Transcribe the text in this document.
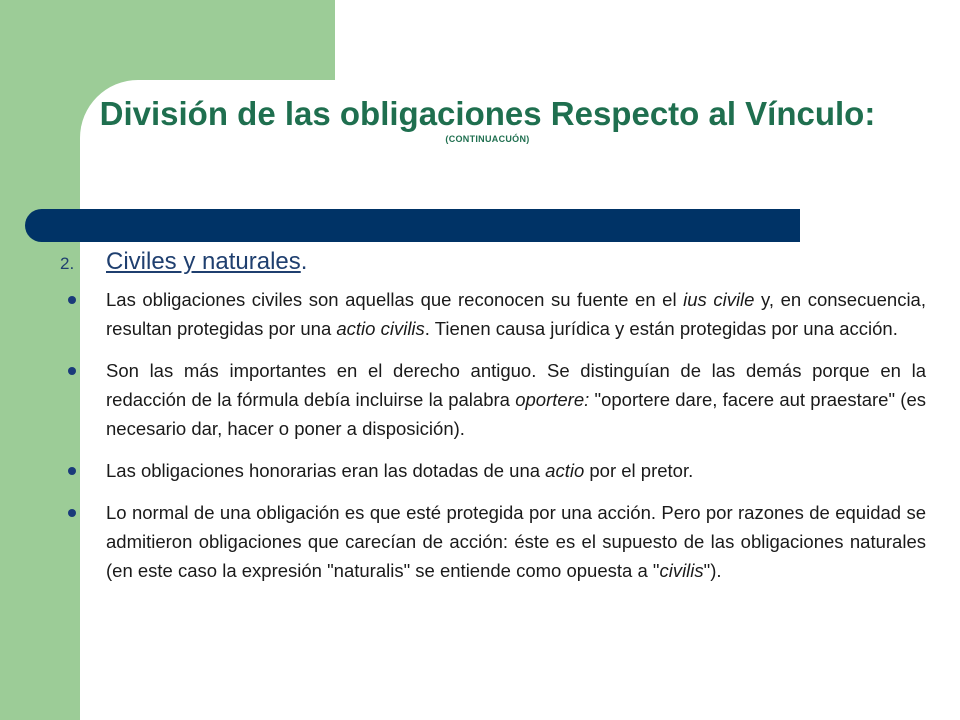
División de las obligaciones Respecto al Vínculo:

(CONTINUACUÓN)

2.	Civiles y naturales.
Las obligaciones civiles son aquellas que reconocen su fuente en el ius civile y, en consecuencia, resultan protegidas por una actio civilis. Tienen causa jurídica y están protegidas por una acción.
Son las más importantes en el derecho antiguo. Se distinguían de las demás porque en la redacción de la fórmula debía incluirse la palabra oportere: "oportere dare, facere aut praestare" (es necesario dar, hacer o poner a disposición).
Las obligaciones honorarias eran las dotadas de una actio por el pretor.
Lo normal de una obligación es que esté protegida por una acción. Pero por razones de equidad se admitieron obligaciones que carecían de acción: éste es el supuesto de las obligaciones naturales (en este caso la expresión "naturalis" se entiende como opuesta a "civilis").
